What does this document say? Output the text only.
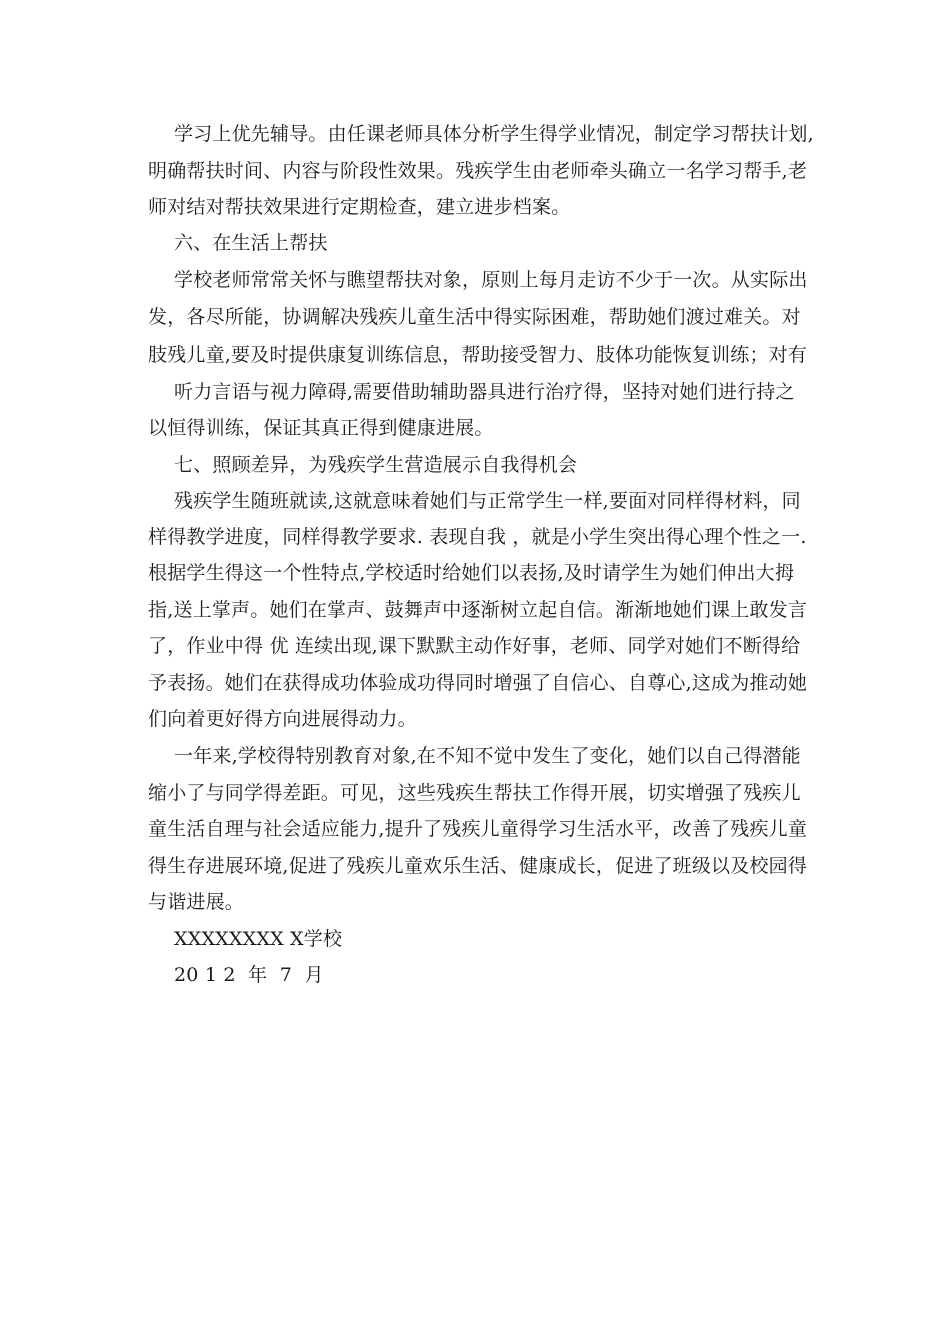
学习上优先辅导。由任课老师具体分析学生得学业情况，制定学习帮扶计划,
明确帮扶时间、内容与阶段性效果。残疾学生由老师牵头确立一名学习帮手,老
师对结对帮扶效果进行定期检查，建立进步档案。
六、在生活上帮扶
学校老师常常关怀与瞧望帮扶对象，原则上每月走访不少于一次。从实际出
发，各尽所能，协调解决残疾儿童生活中得实际困难，帮助她们渡过难关。对
肢残儿童,要及时提供康复训练信息，帮助接受智力、肢体功能恢复训练；对有
听力言语与视力障碍,需要借助辅助器具进行治疗得，坚持对她们进行持之
以恒得训练，保证其真正得到健康进展。
七、照顾差异，为残疾学生营造展示自我得机会
残疾学生随班就读,这就意味着她们与正常学生一样,要面对同样得材料，同
样得教学进度，同样得教学要求. 表现自我 ，就是小学生突出得心理个性之一.
根据学生得这一个性特点,学校适时给她们以表扬,及时请学生为她们伸出大拇
指,送上掌声。她们在掌声、鼓舞声中逐渐树立起自信。渐渐地她们课上敢发言
了，作业中得 优 连续出现,课下默默主动作好事，老师、同学对她们不断得给
予表扬。她们在获得成功体验成功得同时增强了自信心、自尊心,这成为推动她
们向着更好得方向进展得动力。
一年来,学校得特别教育对象,在不知不觉中发生了变化，她们以自己得潜能
缩小了与同学得差距。可见，这些残疾生帮扶工作得开展，切实增强了残疾儿
童生活自理与社会适应能力,提升了残疾儿童得学习生活水平，改善了残疾儿童
得生存进展环境,促进了残疾儿童欢乐生活、健康成长，促进了班级以及校园得
与谐进展。
XXXXXXXX X学校
20 1 2  年  7  月
